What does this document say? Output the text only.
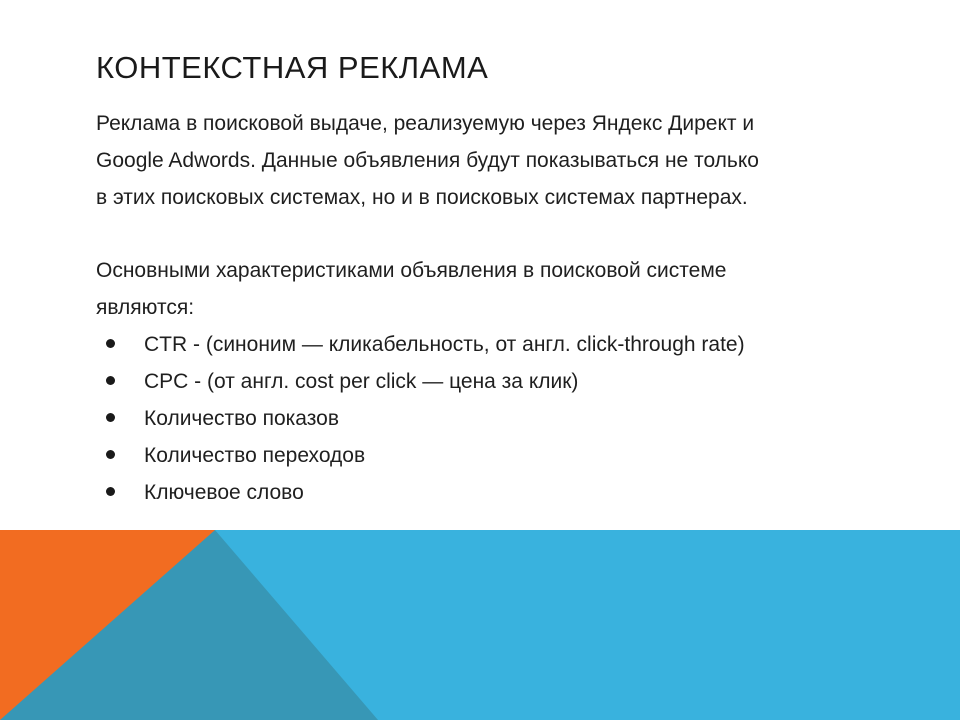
КОНТЕКСТНАЯ РЕКЛАМА

Реклама в поисковой выдаче, реализуемую через Яндекс Директ и
Google Adwords. Данные объявления будут показываться не только
в этих поисковых системах, но и в поисковых системах партнерах.

Основными характеристиками объявления в поисковой системе
являются:

CTR - (синоним — кликабельность, от англ. click-through rate)
CPC - (от англ. cost per click — цена за клик)
Количество показов
Количество переходов
Ключевое слово
